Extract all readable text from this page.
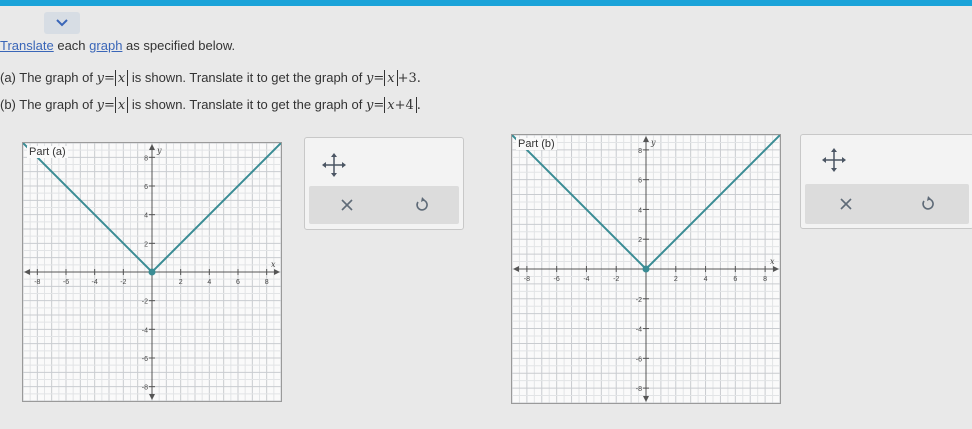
Translate each graph as specified below.
(a) The graph of y= x is shown. Translate it to get the graph of y= x +3.
(b) The graph of y= x is shown. Translate it to get the graph of y= x+4 .
-8	-6	-4	-2	2	4	6	8
8
6
4
2
-2
-4
-6
-8
x
y
Part (a)
-8	-6	-4	-2	2	4	6	8
8
6
4
2
-2
-4
-6
-8
x
y
Part (b)
